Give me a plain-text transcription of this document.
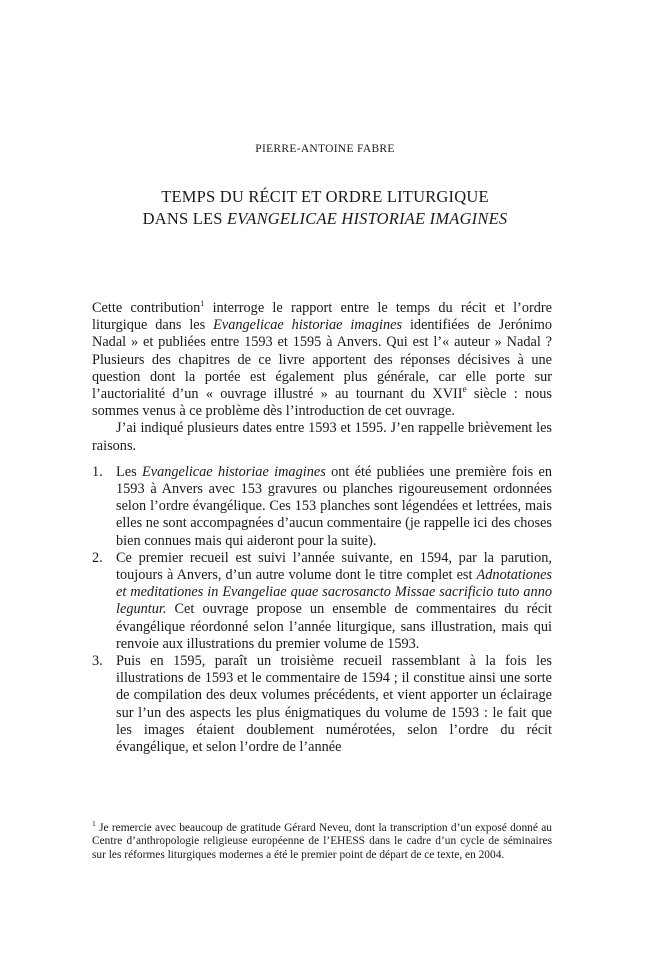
PIERRE-ANTOINE FABRE
TEMPS DU RÉCIT ET ORDRE LITURGIQUE
DANS LES EVANGELICAE HISTORIAE IMAGINES

Cette contribution$^1$ interroge le rapport entre le temps du récit et l’ordre liturgique dans les Evangelicae historiae imagines identifiées de Jerónimo Nadal » et publiées entre 1593 et 1595 à Anvers. Qui est l’« auteur » Nadal ? Plusieurs des chapitres de ce livre apportent des réponses décisives à une question dont la portée est également plus générale, car elle porte sur l’auctorialité d’un « ouvrage illustré » au tournant du XVIIe siècle : nous sommes venus à ce problème dès l’introduction de cet ouvrage.

J’ai indiqué plusieurs dates entre 1593 et 1595. J’en rappelle brièvement les raisons.

1. Les Evangelicae historiae imagines ont été publiées une première fois en 1593 à Anvers avec 153 gravures ou planches rigoureusement ordonnées selon l’ordre évangélique. Ces 153 planches sont légendées et lettrées, mais elles ne sont accompagnées d’aucun commentaire (je rappelle ici des choses bien connues mais qui aideront pour la suite).
2. Ce premier recueil est suivi l’année suivante, en 1594, par la parution, toujours à Anvers, d’un autre volume dont le titre complet est Adnotationes et meditationes in Evangeliae quae sacrosancto Missae sacrificio tuto anno leguntur. Cet ouvrage propose un ensemble de commentaires du récit évangélique réordonné selon l’année liturgique, sans illustration, mais qui renvoie aux illustrations du premier volume de 1593.
3. Puis en 1595, paraît un troisième recueil rassemblant à la fois les illustrations de 1593 et le commentaire de 1594 ; il constitue ainsi une sorte de compilation des deux volumes précédents, et vient apporter un éclairage sur l’un des aspects les plus énigmatiques du volume de 1593 : le fait que les images étaient doublement numérotées, selon l’ordre du récit évangélique, et selon l’ordre de l’année
$^1$ Je remercie avec beaucoup de gratitude Gérard Neveu, dont la transcription d’un exposé donné au Centre d’anthropologie religieuse européenne de l’EHESS dans le cadre d’un cycle de séminaires sur les réformes liturgiques modernes a été le premier point de départ de ce texte, en 2004.
